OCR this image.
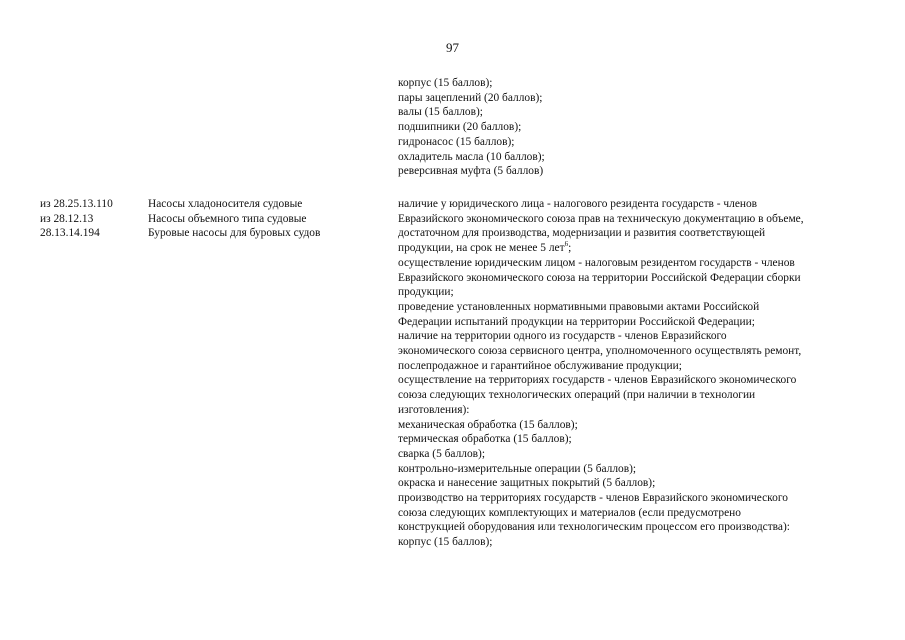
97
корпус (15 баллов);
пары зацеплений (20 баллов);
валы (15 баллов);
подшипники (20 баллов);
гидронасос (15 баллов);
охладитель масла (10 баллов);
реверсивная муфта (5 баллов)
из 28.25.13.110
из 28.12.13
28.13.14.194
Насосы хладоносителя судовые
Насосы объемного типа судовые
Буровые насосы для буровых судов
наличие у юридического лица - налогового резидента государств - членов
Евразийского экономического союза прав на техническую документацию в объеме,
достаточном для производства, модернизации и развития соответствующей
продукции, на срок не менее 5 лет$^6$;
осуществление юридическим лицом - налоговым резидентом государств - членов
Евразийского экономического союза на территории Российской Федерации сборки
продукции;
проведение установленных нормативными правовыми актами Российской
Федерации испытаний продукции на территории Российской Федерации;
наличие на территории одного из государств - членов Евразийского
экономического союза сервисного центра, уполномоченного осуществлять ремонт,
послепродажное и гарантийное обслуживание продукции;
осуществление на территориях государств - членов Евразийского экономического
союза следующих технологических операций (при наличии в технологии
изготовления):
механическая обработка (15 баллов);
термическая обработка (15 баллов);
сварка (5 баллов);
контрольно-измерительные операции (5 баллов);
окраска и нанесение защитных покрытий (5 баллов);
производство на территориях государств - членов Евразийского экономического
союза следующих комплектующих и материалов (если предусмотрено
конструкцией оборудования или технологическим процессом его производства):
корпус (15 баллов);
